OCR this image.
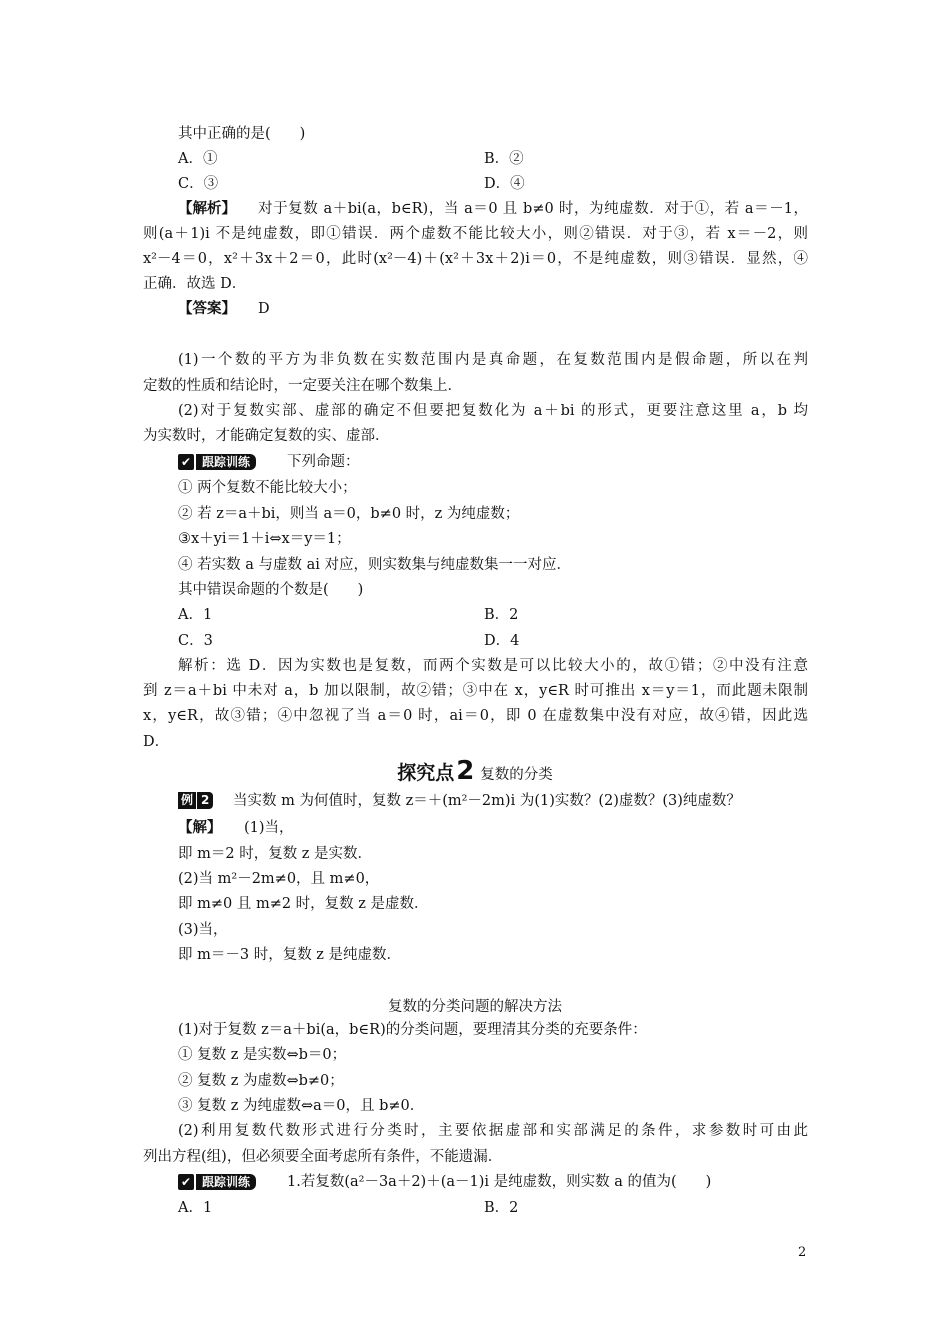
其中正确的是(　　)
A．①	B．②
C．③	D．④
【解析】 对于复数 a＋bi(a，b∈R)，当 a＝0 且 b≠0 时，为纯虚数．对于①，若 a＝－1，
则(a＋1)i 不是纯虚数，即①错误．两个虚数不能比较大小，则②错误．对于③，若 x＝－2，则
x²－4＝0，x²＋3x＋2＝0，此时(x²－4)＋(x²＋3x＋2)i＝0，不是纯虚数，则③错误．显然，④
正确．故选 D．
【答案】 D
(1)一个数的平方为非负数在实数范围内是真命题，在复数范围内是假命题，所以在判
定数的性质和结论时，一定要关注在哪个数集上．
(2)对于复数实部、虚部的确定不但要把复数化为 a＋bi 的形式，更要注意这里 a，b 均
为实数时，才能确定复数的实、虚部．
✔ 跟踪训练	下列命题：
① 两个复数不能比较大小；
② 若 z＝a＋bi，则当 a＝0，b≠0 时，z 为纯虚数；
③x＋yi＝1＋i⇔x＝y＝1；
④ 若实数 a 与虚数 ai 对应，则实数集与纯虚数集一一对应．
其中错误命题的个数是(　　)
A．1	B．2
C．3	D．4
解析：选 D．因为实数也是复数，而两个实数是可以比较大小的，故①错；②中没有注意
到 z＝a＋bi 中未对 a，b 加以限制，故②错；③中在 x，y∈R 时可推出 x＝y＝1，而此题未限制
x，y∈R，故③错；④中忽视了当 a＝0 时，ai＝0，即 0 在虚数集中没有对应，故④错，因此选
D．
探究点2 复数的分类
例 2 当实数 m 为何值时，复数 z＝＋(m²－2m)i 为(1)实数？(2)虚数？(3)纯虚数？
【解】 (1)当，
即 m＝2 时，复数 z 是实数．
(2)当 m²－2m≠0，且 m≠0，
即 m≠0 且 m≠2 时，复数 z 是虚数．
(3)当，
即 m＝－3 时，复数 z 是纯虚数．
复数的分类问题的解决方法
(1)对于复数 z＝a＋bi(a，b∈R)的分类问题，要理清其分类的充要条件：
① 复数 z 是实数⇔b＝0；
② 复数 z 为虚数⇔b≠0；
③ 复数 z 为纯虚数⇔a＝0，且 b≠0．
(2)利用复数代数形式进行分类时，主要依据虚部和实部满足的条件，求参数时可由此
列出方程(组)，但必须要全面考虑所有条件，不能遗漏．
✔ 跟踪训练	1.若复数(a²－3a＋2)＋(a－1)i 是纯虚数，则实数 a 的值为(　　)
A．1	B．2
2
